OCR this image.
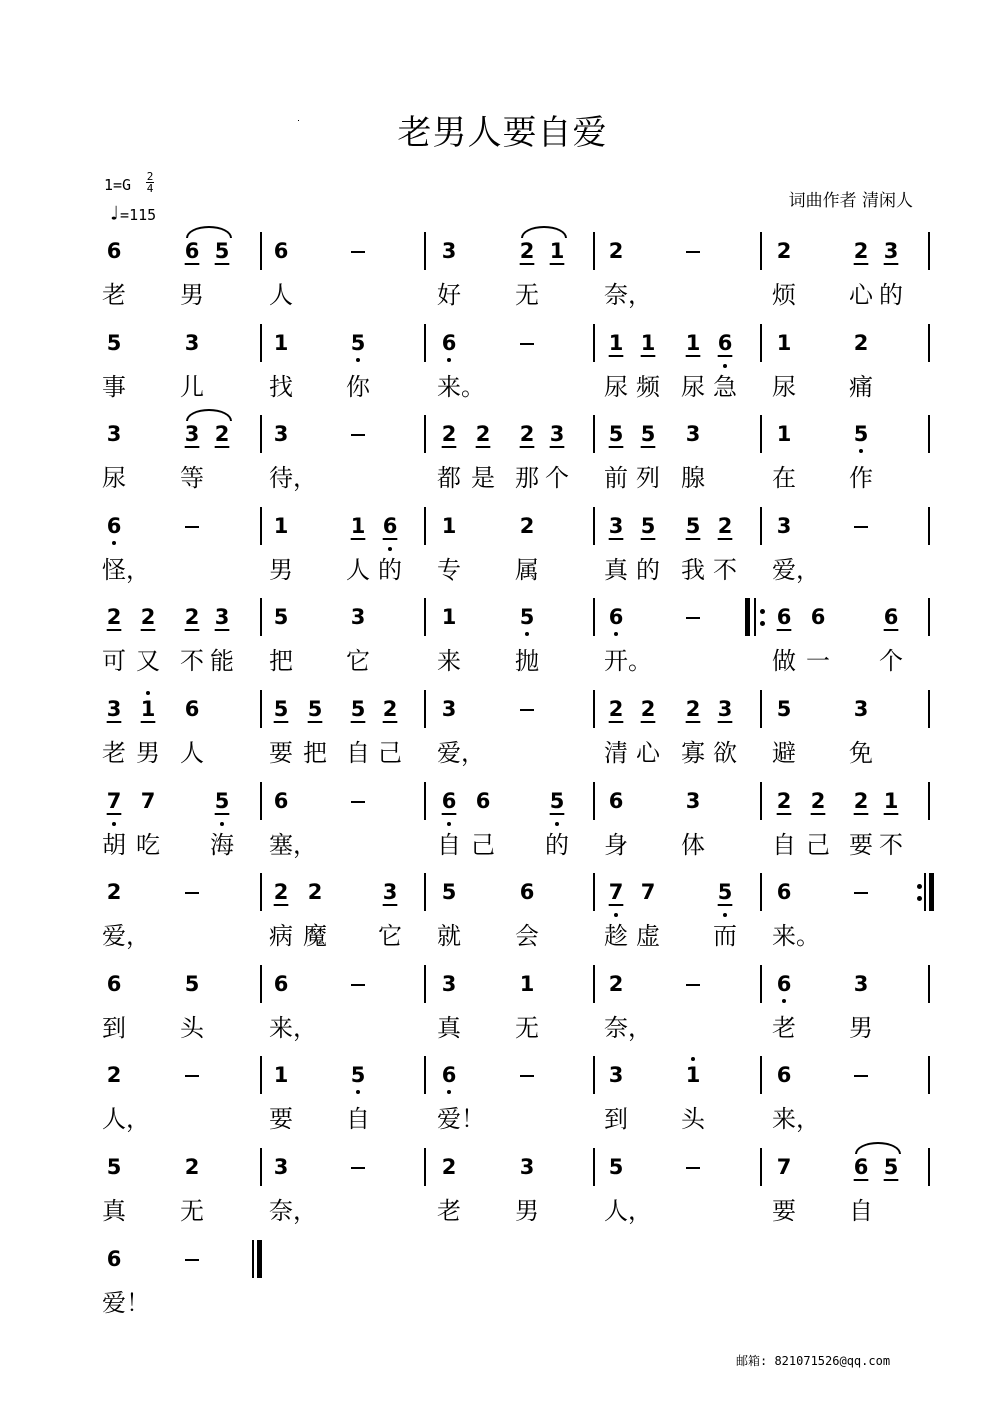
老男人要自爱
1=G 2
4
♩=115
词曲作者 清闲人
6	6 5	6	3	2 1	2	2	2 3
老 男	人	好 无	奈，	烦 心 的
5	3	1	5	6	1 1	1 6	1	2
事 儿	找 你	来。	尿 频 尿 急 尿 痛
3	3 2	3	2 2	2 3	5 5	3	1	5
尿 等	待，	都 是 那 个 前 列 腺	在 作
6	1	1 6	1	2	3 5	5 2	3
怪，	男 人 的 专 属	真 的 我 不 爱，
2 2	2 3	5	3	1	5	6	6 6	6
可 又 不 能 把 它	来 抛	开。	做 一 个
3 1	6	5 5	5 2	3	2 2	2 3	5	3
老 男 人	要 把 自 己 爱，	清 心 寡 欲 避 免
7 7	5	6	6 6	5	6	3	2 2	2 1
胡 吃 海 塞，	自 己 的 身 体	自 己 要 不
2	2 2	3	5	6	7 7	5	6
爱，	病 魔 它 就 会	趁 虚 而 来。
6	5	6	3	1	2	6	3
到 头	来，	真 无	奈，	老 男
2	1	5	6	3	1	6
人，	要 自	爱！	到 头	来，
5	2	3	2	3	5	7	6 5
真 无	奈，	老 男	人，	要 自
6
爱！
邮箱: 821071526@qq.com
